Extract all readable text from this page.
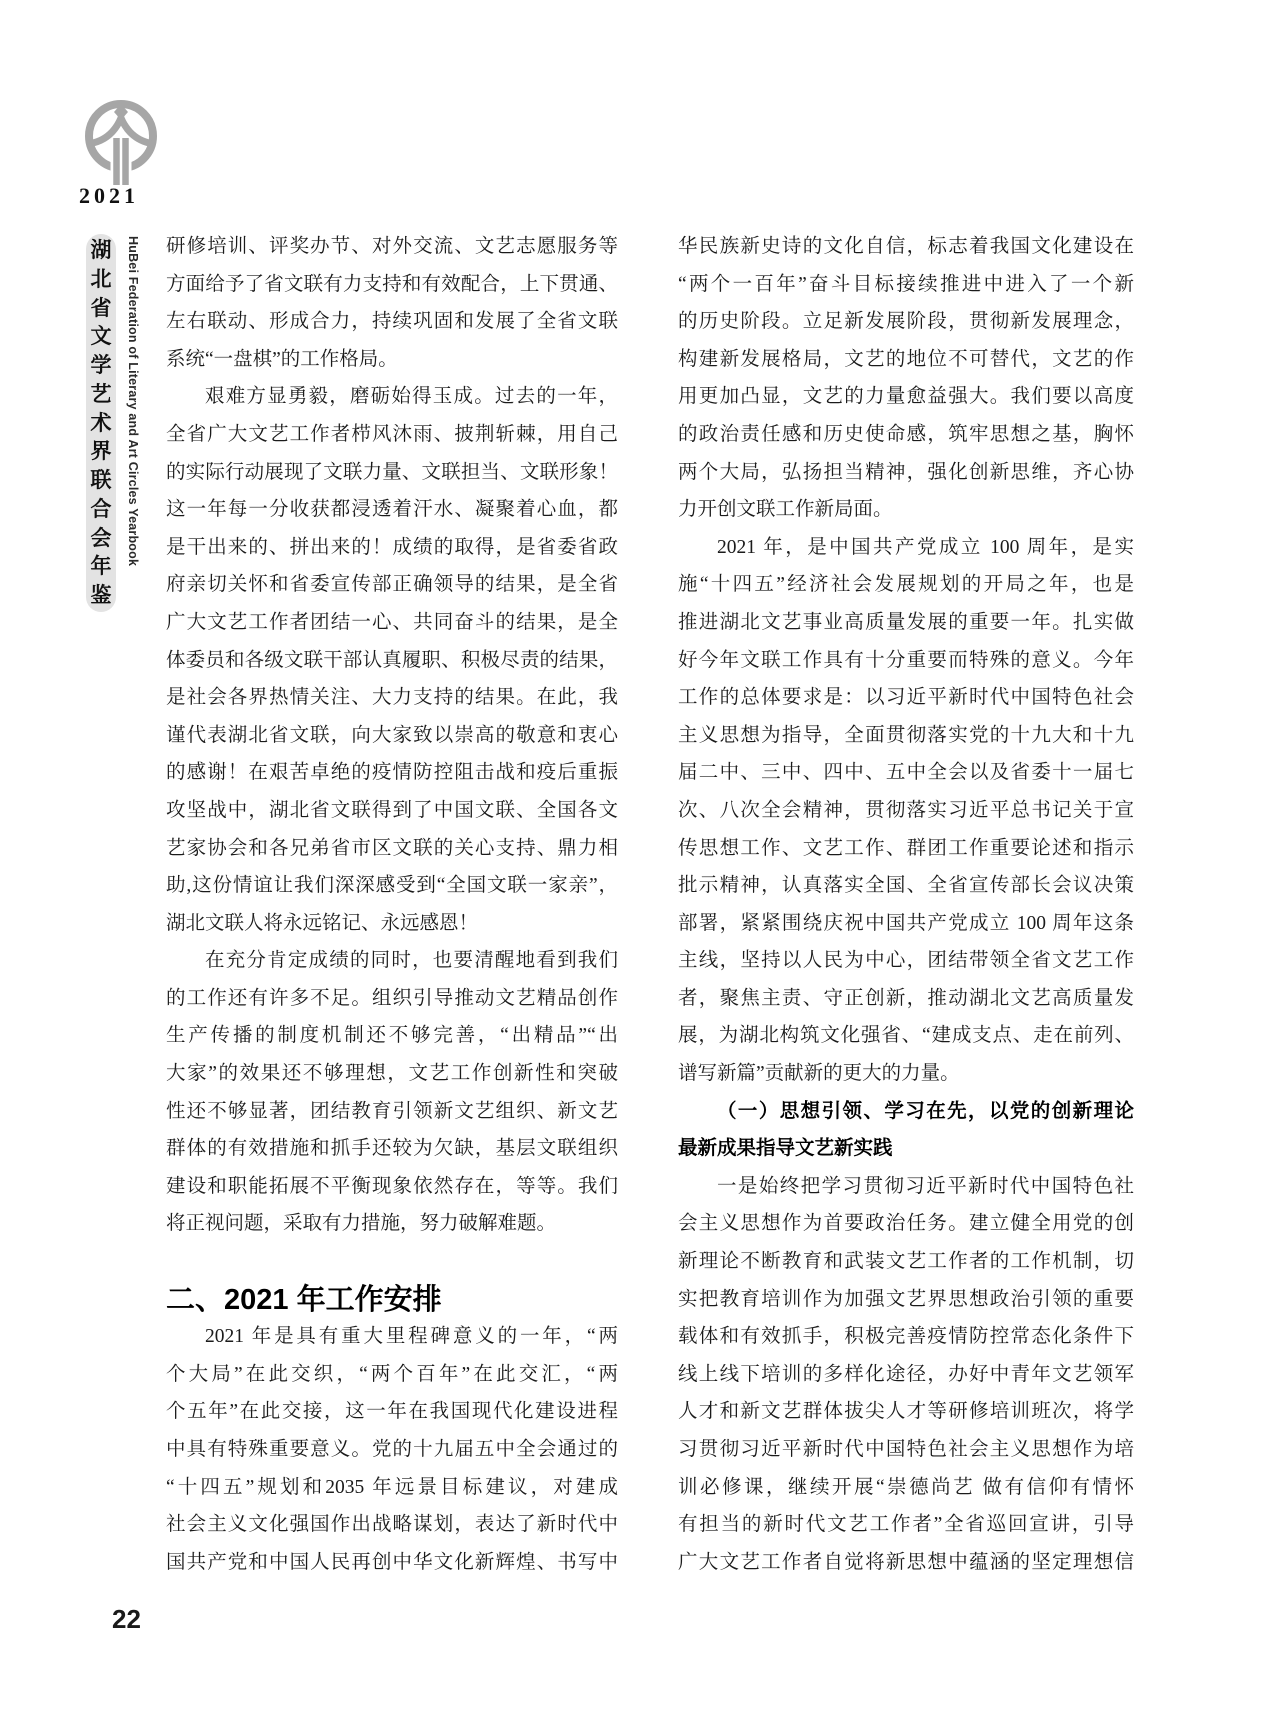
2021
湖
北
省
文
学
艺
术
界
联
合
会
年
鉴
HuBei Federation of Literary and Art Circles Yearbook 研修培训、评奖办节、对外交流、文艺志愿服务等
方面给予了省文联有力支持和有效配合，上下贯通、
左右联动、形成合力，持续巩固和发展了全省文联
系统“一盘棋”的工作格局。
艰难方显勇毅，磨砺始得玉成。过去的一年，
全省广大文艺工作者栉风沐雨、披荆斩棘，用自己
的实际行动展现了文联力量、文联担当、文联形象！
这一年每一分收获都浸透着汗水、凝聚着心血，都
是干出来的、拼出来的！成绩的取得，是省委省政
府亲切关怀和省委宣传部正确领导的结果，是全省
广大文艺工作者团结一心、共同奋斗的结果，是全
体委员和各级文联干部认真履职、积极尽责的结果，
是社会各界热情关注、大力支持的结果。在此，我
谨代表湖北省文联，向大家致以崇高的敬意和衷心
的感谢！在艰苦卓绝的疫情防控阻击战和疫后重振
攻坚战中，湖北省文联得到了中国文联、全国各文
艺家协会和各兄弟省市区文联的关心支持、鼎力相
助,这份情谊让我们深深感受到“全国文联一家亲”，
湖北文联人将永远铭记、永远感恩！
在充分肯定成绩的同时，也要清醒地看到我们
的工作还有许多不足。组织引导推动文艺精品创作
生产传播的制度机制还不够完善，“出精品”“出
大家”的效果还不够理想，文艺工作创新性和突破
性还不够显著，团结教育引领新文艺组织、新文艺
群体的有效措施和抓手还较为欠缺，基层文联组织
建设和职能拓展不平衡现象依然存在，等等。我们
将正视问题，采取有力措施，努力破解难题。
二、2021 年工作安排
2021 年是具有重大里程碑意义的一年，“两
个大局”在此交织，“两个百年”在此交汇，“两
个五年”在此交接，这一年在我国现代化建设进程
中具有特殊重要意义。党的十九届五中全会通过的
“十四五”规划和2035 年远景目标建议，对建成
社会主义文化强国作出战略谋划，表达了新时代中
国共产党和中国人民再创中华文化新辉煌、书写中
华民族新史诗的文化自信，标志着我国文化建设在
“两个一百年”奋斗目标接续推进中进入了一个新
的历史阶段。立足新发展阶段，贯彻新发展理念，
构建新发展格局，文艺的地位不可替代，文艺的作
用更加凸显，文艺的力量愈益强大。我们要以高度
的政治责任感和历史使命感，筑牢思想之基，胸怀
两个大局，弘扬担当精神，强化创新思维，齐心协
力开创文联工作新局面。
2021 年，是中国共产党成立 100 周年，是实
施“十四五”经济社会发展规划的开局之年，也是
推进湖北文艺事业高质量发展的重要一年。扎实做
好今年文联工作具有十分重要而特殊的意义。今年
工作的总体要求是：以习近平新时代中国特色社会
主义思想为指导，全面贯彻落实党的十九大和十九
届二中、三中、四中、五中全会以及省委十一届七
次、八次全会精神，贯彻落实习近平总书记关于宣
传思想工作、文艺工作、群团工作重要论述和指示
批示精神，认真落实全国、全省宣传部长会议决策
部署，紧紧围绕庆祝中国共产党成立 100 周年这条
主线，坚持以人民为中心，团结带领全省文艺工作
者，聚焦主责、守正创新，推动湖北文艺高质量发
展，为湖北构筑文化强省、“建成支点、走在前列、
谱写新篇”贡献新的更大的力量。
（一）思想引领、学习在先，以党的创新理论
最新成果指导文艺新实践
一是始终把学习贯彻习近平新时代中国特色社
会主义思想作为首要政治任务。建立健全用党的创
新理论不断教育和武装文艺工作者的工作机制，切
实把教育培训作为加强文艺界思想政治引领的重要
载体和有效抓手，积极完善疫情防控常态化条件下
线上线下培训的多样化途径，办好中青年文艺领军
人才和新文艺群体拔尖人才等研修培训班次，将学
习贯彻习近平新时代中国特色社会主义思想作为培
训必修课，继续开展“崇德尚艺 做有信仰有情怀
有担当的新时代文艺工作者”全省巡回宣讲，引导
广大文艺工作者自觉将新思想中蕴涵的坚定理想信
22
